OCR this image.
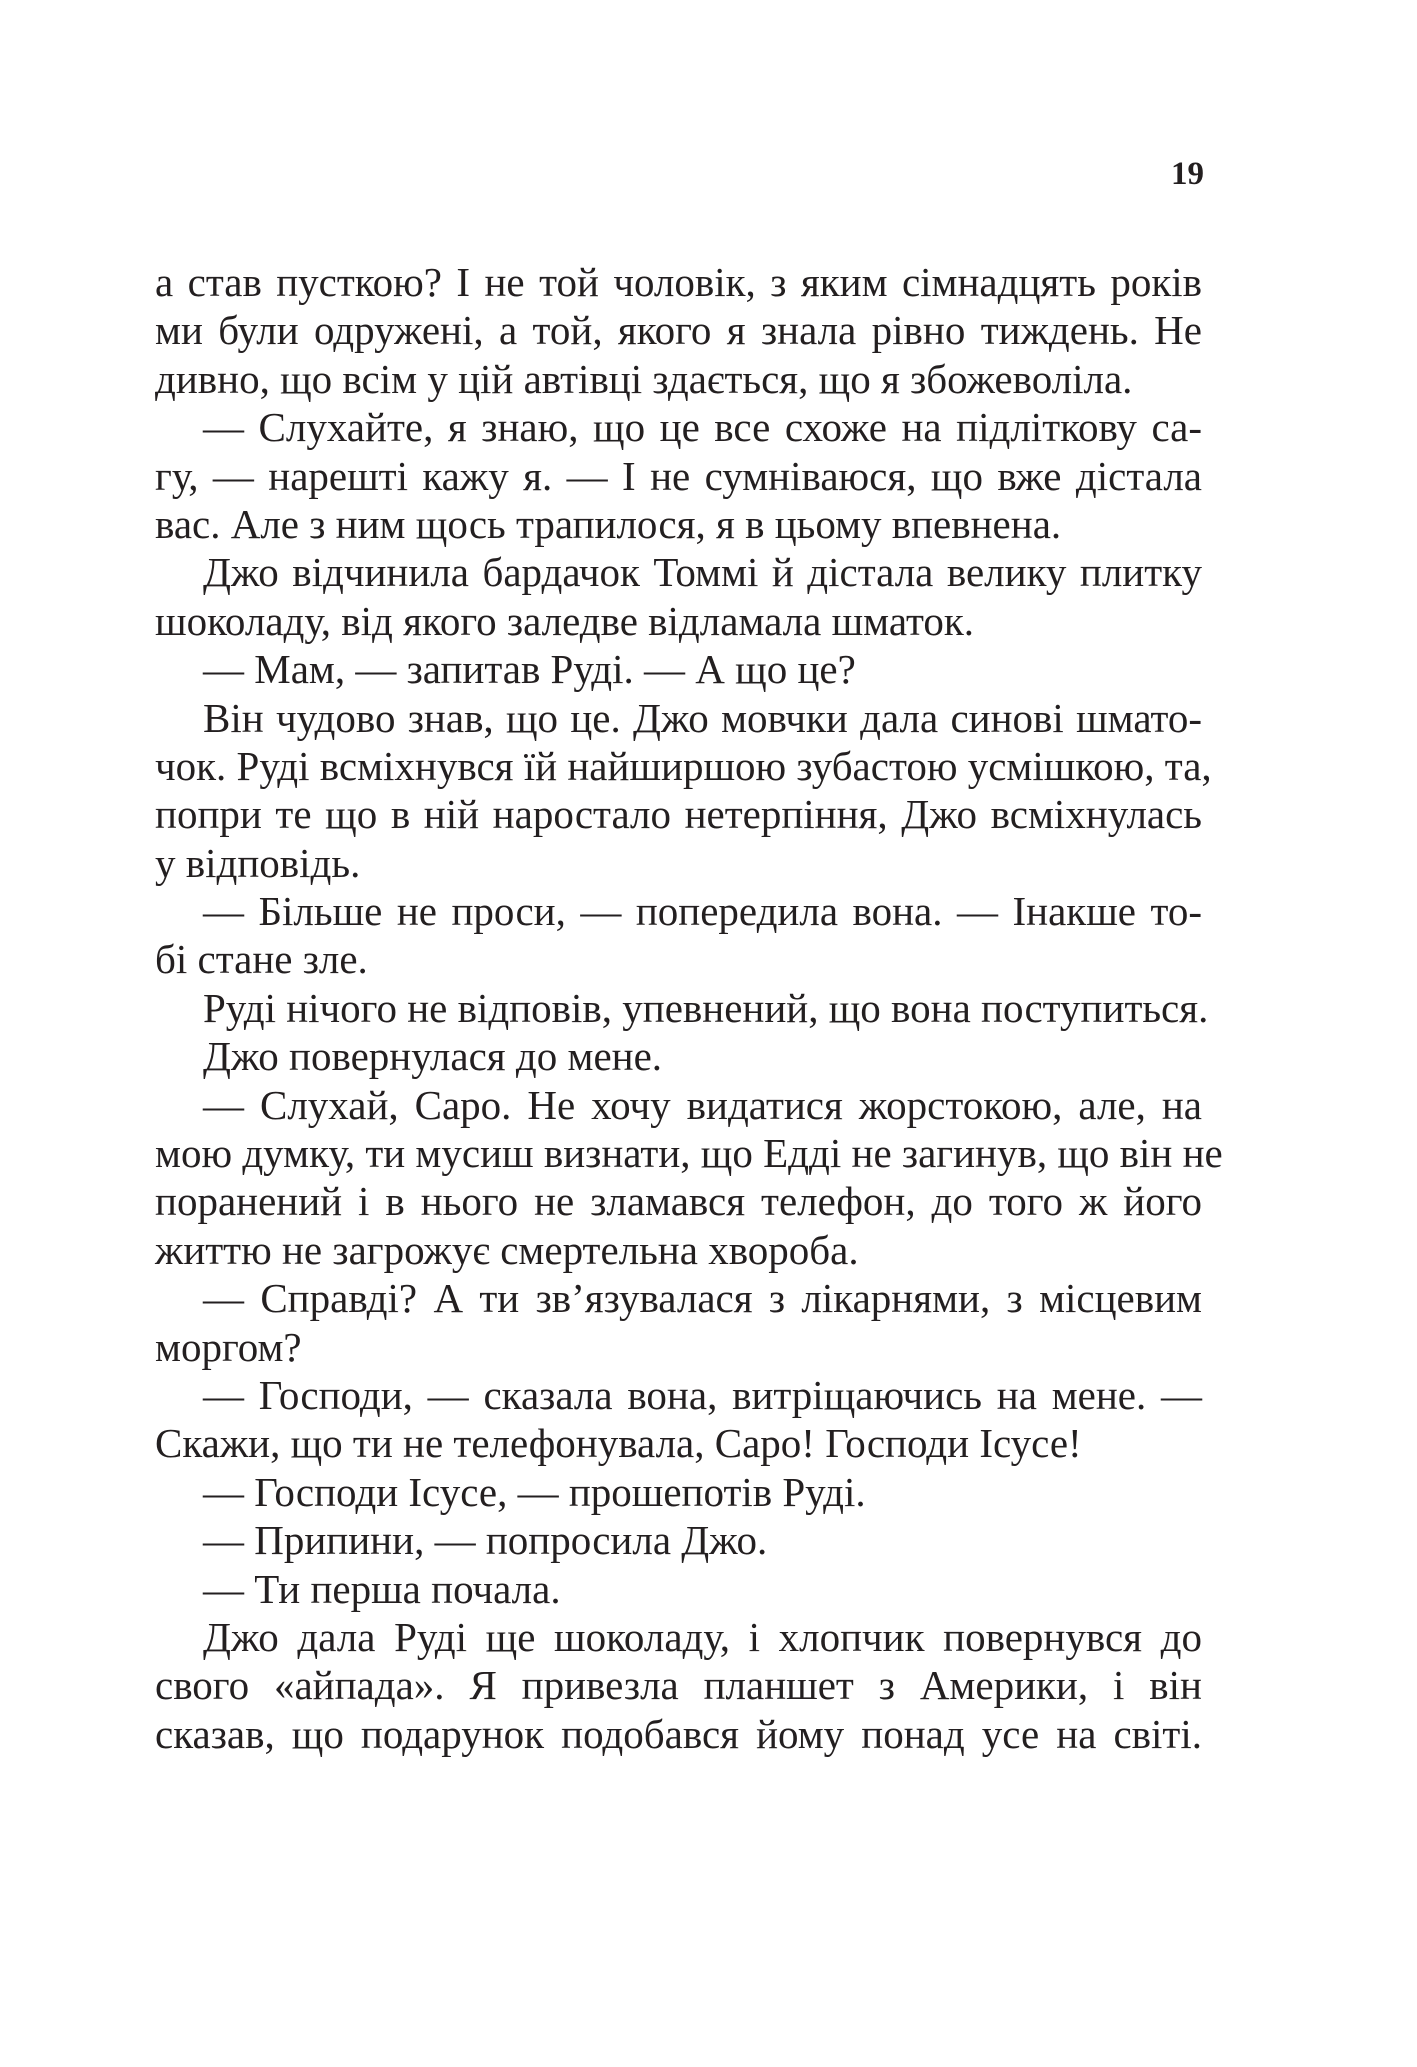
19
а став пусткою? І не той чоловік, з яким сімнадцять років
ми були одружені, а той, якого я знала рівно тиждень. Не
дивно, що всім у цій автівці здається, що я збожеволіла.
— Слухайте, я знаю, що це все схоже на підліткову са-
гу, — нарешті кажу я. — І не сумніваюся, що вже дістала
вас. Але з ним щось трапилося, я в цьому впевнена.
Джо відчинила бардачок Томмі й дістала велику плитку
шоколаду, від якого заледве відламала шматок.
— Мам, — запитав Руді. — А що це?
Він чудово знав, що це. Джо мовчки дала синові шмато-
чок. Руді всміхнувся їй найширшою зубастою усмішкою, та,
попри те що в ній наростало нетерпіння, Джо всміхнулась
у відповідь.
— Більше не проси, — попередила вона. — Інакше то-
бі стане зле.
Руді нічого не відповів, упевнений, що вона поступиться.
Джо повернулася до мене.
— Слухай, Саро. Не хочу видатися жорстокою, але, на
мою думку, ти мусиш визнати, що Едді не загинув, що він не
поранений і в нього не зламався телефон, до того ж його
життю не загрожує смертельна хвороба.
— Справді? А ти зв’язувалася з лікарнями, з місцевим
моргом?
— Господи, — сказала вона, витріщаючись на мене. —
Скажи, що ти не телефонувала, Саро! Господи Ісусе!
— Господи Ісусе, — прошепотів Руді.
— Припини, — попросила Джо.
— Ти перша почала.
Джо дала Руді ще шоколаду, і хлопчик повернувся до
свого «айпада». Я привезла планшет з Америки, і він
сказав, що подарунок подобався йому понад усе на світі.
